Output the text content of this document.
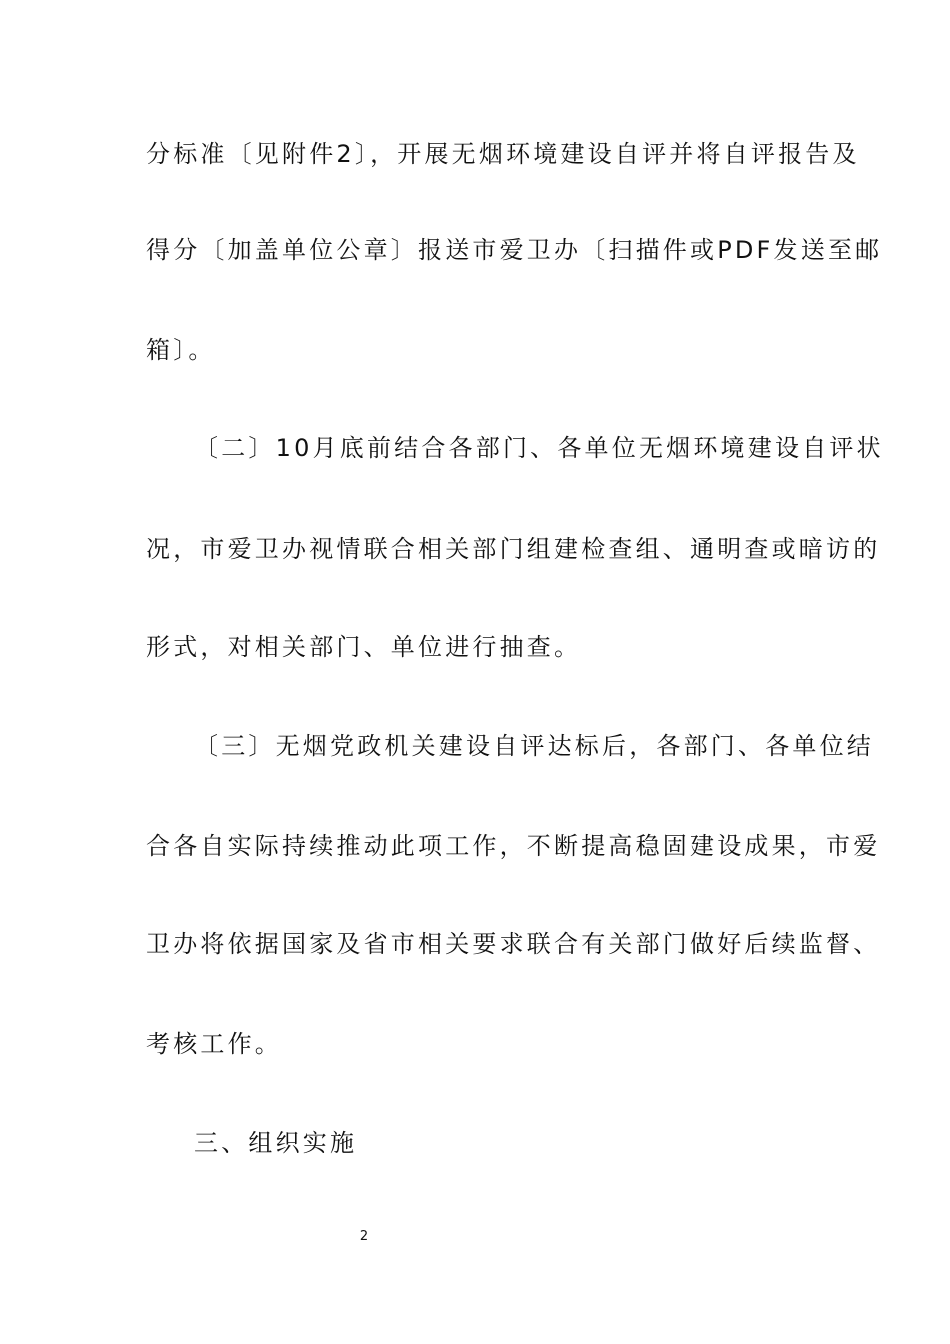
分标准〔见附件2〕，开展无烟环境建设自评并将自评报告及
得分〔加盖单位公章〕报送市爱卫办〔扫描件或PDF发送至邮
箱〕。
〔二〕10月底前结合各部门、各单位无烟环境建设自评状
况，市爱卫办视情联合相关部门组建检查组、通明查或暗访的
形式，对相关部门、单位进行抽查。
〔三〕无烟党政机关建设自评达标后，各部门、各单位结
合各自实际持续推动此项工作，不断提高稳固建设成果，市爱
卫办将依据国家及省市相关要求联合有关部门做好后续监督、
考核工作。
三、组织实施
2
